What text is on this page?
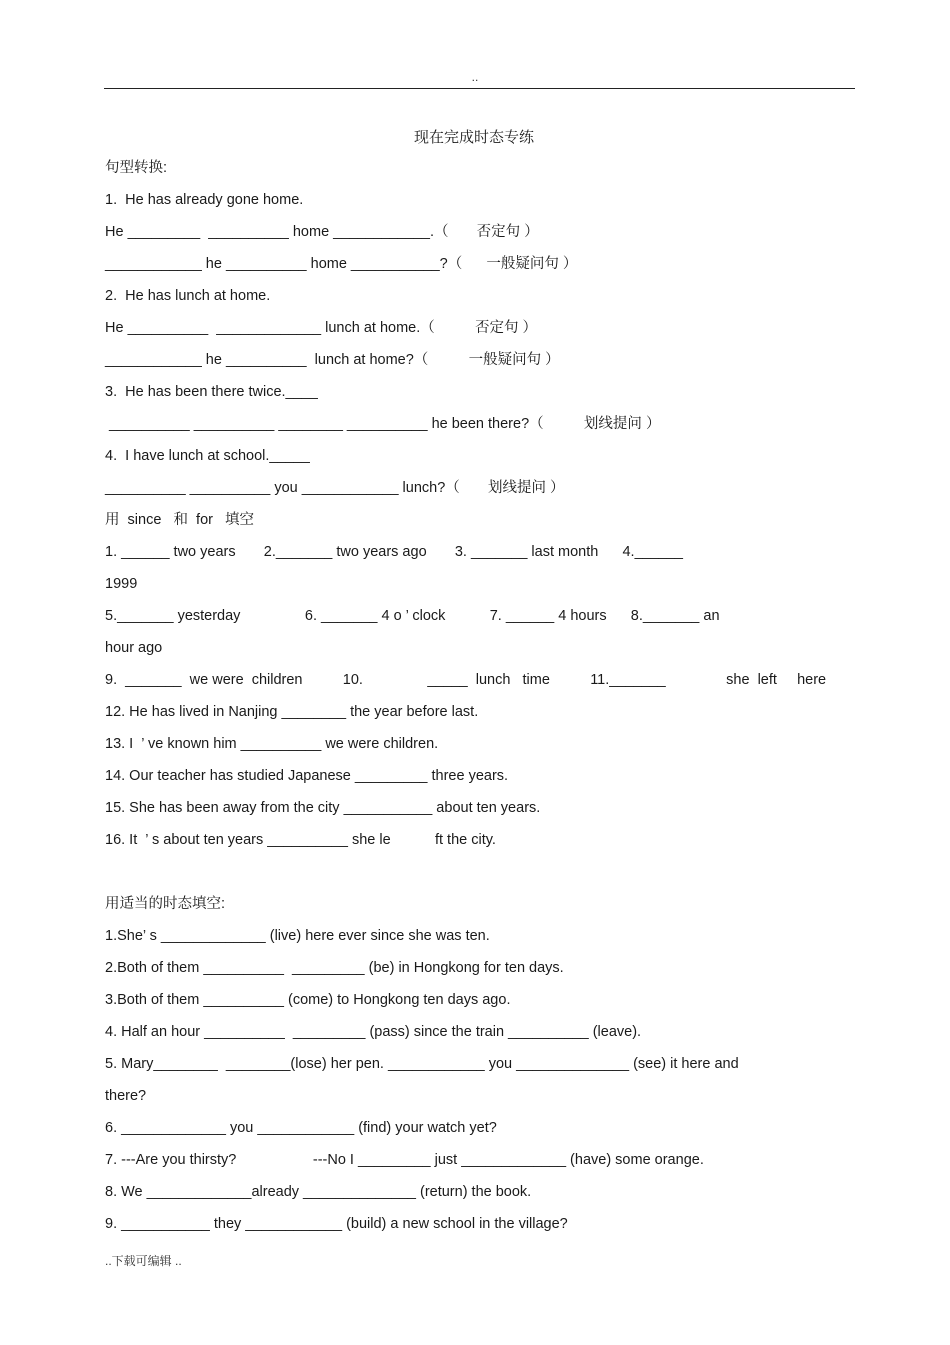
..
现在完成时态专练
句型转换:
1.  He has already gone home.
He _________  __________ home ____________.（       否定句 ）
____________ he __________ home ___________?（      一般疑问句 ）
2.  He has lunch at home.
He __________  _____________ lunch at home.（          否定句 ）
____________ he __________  lunch at home?（          一般疑问句 ）
3.  He has been there twice.____
__________ __________ ________ __________ he been there?（          划线提问 ）
4.  I have lunch at school._____
__________ __________ you ____________ lunch?（       划线提问 ）
用  since   和  for   填空
1. ______ two years       2._______ two years ago       3. _______ last month      4.______
1999
5._______ yesterday                6. _______ 4 o ’ clock           7. ______ 4 hours      8._______ an
hour ago
9.  _______  we were  children          10.                _____  lunch   time          11._______               she  left     here
12. He has lived in Nanjing ________ the year before last.
13. I  ’ ve known him __________ we were children.
14. Our teacher has studied Japanese _________ three years.
15. She has been away from the city ___________ about ten years.
16. It  ’ s about ten years __________ she le           ft the city.
用适当的时态填空:
1.She’ s _____________ (live) here ever since she was ten.
2.Both of them __________  _________ (be) in Hongkong for ten days.
3.Both of them __________ (come) to Hongkong ten days ago.
4. Half an hour __________  _________ (pass) since the train __________ (leave).
5. Mary________  ________(lose) her pen. ____________ you ______________ (see) it here and
there?
6. _____________ you ____________ (find) your watch yet?
7. ---Are you thirsty?                   ---No I _________ just _____________ (have) some orange.
8. We _____________already ______________ (return) the book.
9. ___________ they ____________ (build) a new school in the village?
..下载可编辑 ..
